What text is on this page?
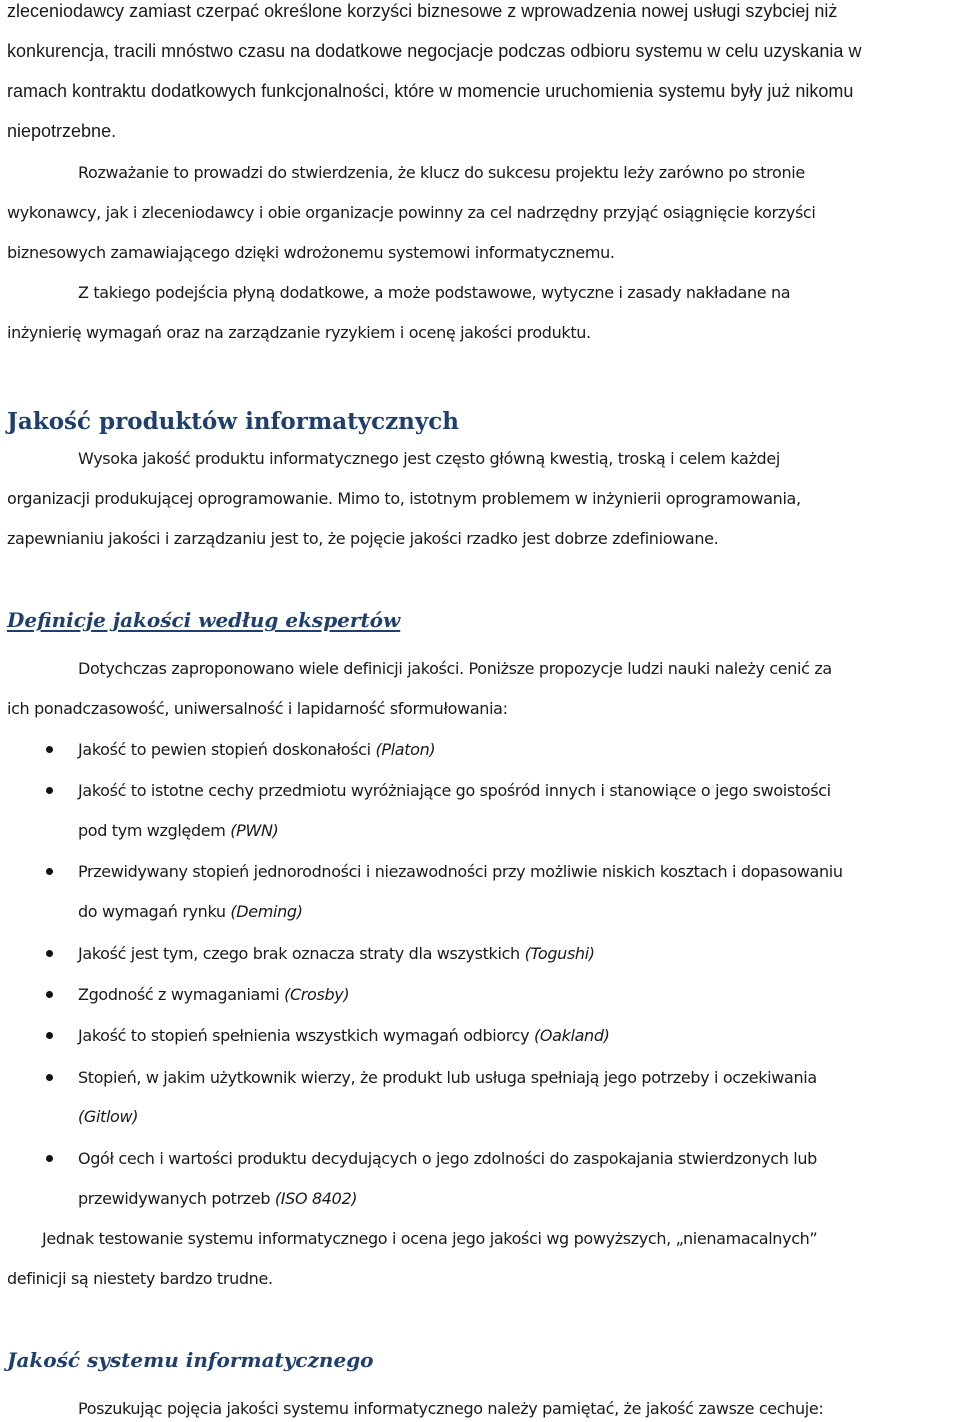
zleceniodawcy zamiast czerpać określone korzyści biznesowe z wprowadzenia nowej usługi szybciej niż
konkurencja, tracili mnóstwo czasu na dodatkowe negocjacje podczas odbioru systemu w celu uzyskania w
ramach kontraktu dodatkowych funkcjonalności, które w momencie uruchomienia systemu były już nikomu
niepotrzebne.
Rozważanie to prowadzi do stwierdzenia, że klucz do sukcesu projektu leży zarówno po stronie
wykonawcy, jak i zleceniodawcy i obie organizacje powinny za cel nadrzędny przyjąć osiągnięcie korzyści
biznesowych zamawiającego dzięki wdrożonemu systemowi informatycznemu.
Z takiego podejścia płyną dodatkowe, a może podstawowe, wytyczne i zasady nakładane na
inżynierię wymagań oraz na zarządzanie ryzykiem i ocenę jakości produktu.
Jakość produktów informatycznych
Wysoka jakość produktu informatycznego jest często główną kwestią, troską i celem każdej
organizacji produkującej oprogramowanie. Mimo to, istotnym problemem w inżynierii oprogramowania,
zapewnianiu jakości i zarządzaniu jest to, że pojęcie jakości rzadko jest dobrze zdefiniowane.
Definicje jakości według ekspertów
Dotychczas zaproponowano wiele definicji jakości. Poniższe propozycje ludzi nauki należy cenić za
ich ponadczasowość, uniwersalność i lapidarność sformułowania:
Jakość to pewien stopień doskonałości (Platon)
Jakość to istotne cechy przedmiotu wyróżniające go spośród innych i stanowiące o jego swoistości
pod tym względem (PWN)
Przewidywany stopień jednorodności i niezawodności przy możliwie niskich kosztach i dopasowaniu
do wymagań rynku (Deming)
Jakość jest tym, czego brak oznacza straty dla wszystkich (Togushi)
Zgodność z wymaganiami (Crosby)
Jakość to stopień spełnienia wszystkich wymagań odbiorcy (Oakland)
Stopień, w jakim użytkownik wierzy, że produkt lub usługa spełniają jego potrzeby i oczekiwania
(Gitlow)
Ogół cech i wartości produktu decydujących o jego zdolności do zaspokajania stwierdzonych lub
przewidywanych potrzeb (ISO 8402)
Jednak testowanie systemu informatycznego i ocena jego jakości wg powyższych, „nienamacalnych”
definicji są niestety bardzo trudne.
Jakość systemu informatycznego
Poszukując pojęcia jakości systemu informatycznego należy pamiętać, że jakość zawsze cechuje:
